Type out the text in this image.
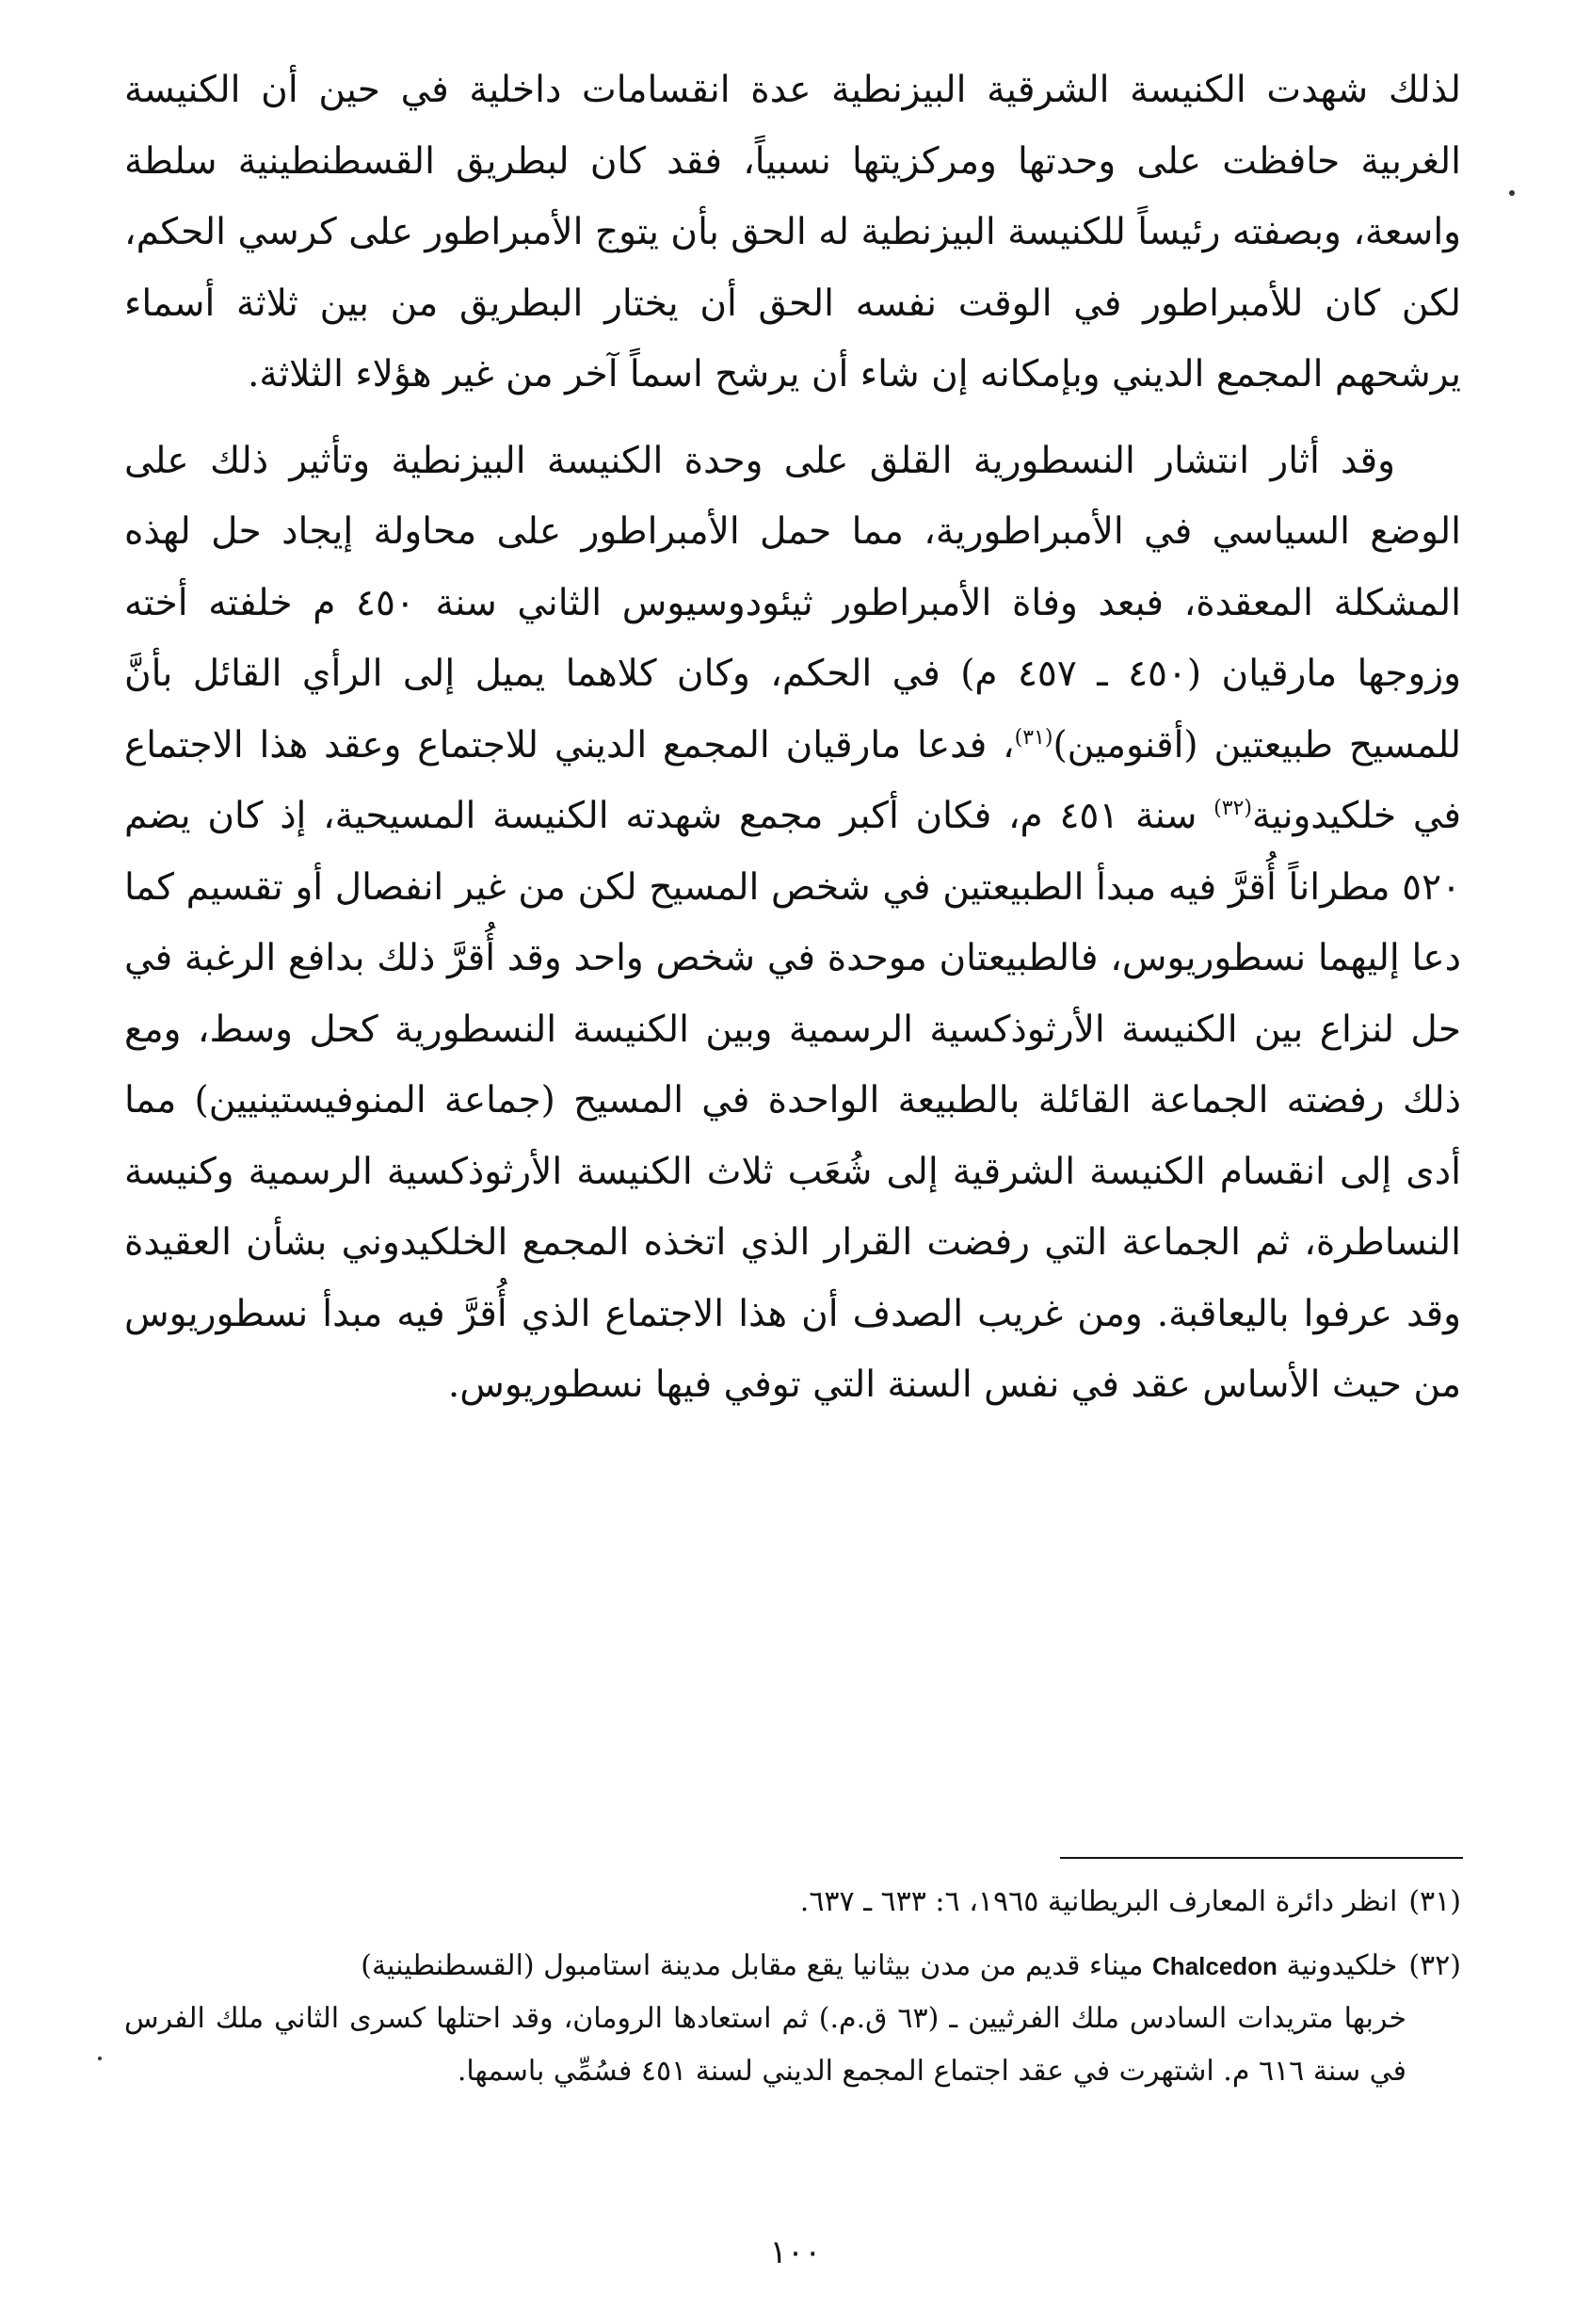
لذلك شهدت الكنيسة الشرقية البيزنطية عدة انقسامات داخلية في حين أن الكنيسة الغربية حافظت على وحدتها ومركزيتها نسبياً، فقد كان لبطريق القسطنطينية سلطة واسعة، وبصفته رئيساً للكنيسة البيزنطية له الحق بأن يتوج الأمبراطور على كرسي الحكم، لكن كان للأمبراطور في الوقت نفسه الحق أن يختار البطريق من بين ثلاثة أسماء يرشحهم المجمع الديني وبإمكانه إن شاء أن يرشح اسماً آخر من غير هؤلاء الثلاثة.

وقد أثار انتشار النسطورية القلق على وحدة الكنيسة البيزنطية وتأثير ذلك على الوضع السياسي في الأمبراطورية، مما حمل الأمبراطور على محاولة إيجاد حل لهذه المشكلة المعقدة، فبعد وفاة الأمبراطور ثيئودوسيوس الثاني سنة ٤٥٠ م خلفته أخته وزوجها مارقيان (٤٥٠ ـ ٤٥٧ م) في الحكم، وكان كلاهما يميل إلى الرأي القائل بأنَّ للمسيح طبيعتين (أقنومين)$^{(٣١)}$، فدعا مارقيان المجمع الديني للاجتماع وعقد هذا الاجتماع في خلكيدونية$^{(٣٢)}$ سنة ٤٥١ م، فكان أكبر مجمع شهدته الكنيسة المسيحية، إذ كان يضم ٥٢٠ مطراناً أُقرَّ فيه مبدأ الطبيعتين في شخص المسيح لكن من غير انفصال أو تقسيم كما دعا إليهما نسطوريوس، فالطبيعتان موحدة في شخص واحد وقد أُقرَّ ذلك بدافع الرغبة في حل لنزاع بين الكنيسة الأرثوذكسية الرسمية وبين الكنيسة النسطورية كحل وسط، ومع ذلك رفضته الجماعة القائلة بالطبيعة الواحدة في المسيح (جماعة المنوفيستينيين) مما أدى إلى انقسام الكنيسة الشرقية إلى شُعَب ثلاث الكنيسة الأرثوذكسية الرسمية وكنيسة النساطرة، ثم الجماعة التي رفضت القرار الذي اتخذه المجمع الخلكيدوني بشأن العقيدة وقد عرفوا باليعاقبة. ومن غريب الصدف أن هذا الاجتماع الذي أُقرَّ فيه مبدأ نسطوريوس من حيث الأساس عقد في نفس السنة التي توفي فيها نسطوريوس.

(٣١)انظر دائرة المعارف البريطانية ١٩٦٥، ٦: ٦٣٣ ـ ٦٣٧.

(٣٢)خلكيدونية Chalcedon ميناء قديم من مدن بيثانيا يقع مقابل مدينة استامبول (القسطنطينية)
خربها متريدات السادس ملك الفرثيين ـ (٦٣ ق.م.) ثم استعادها الرومان، وقد احتلها كسرى الثاني ملك الفرس في سنة ٦١٦ م. اشتهرت في عقد اجتماع المجمع الديني لسنة ٤٥١ فسُمِّي باسمها.

١٠٠
